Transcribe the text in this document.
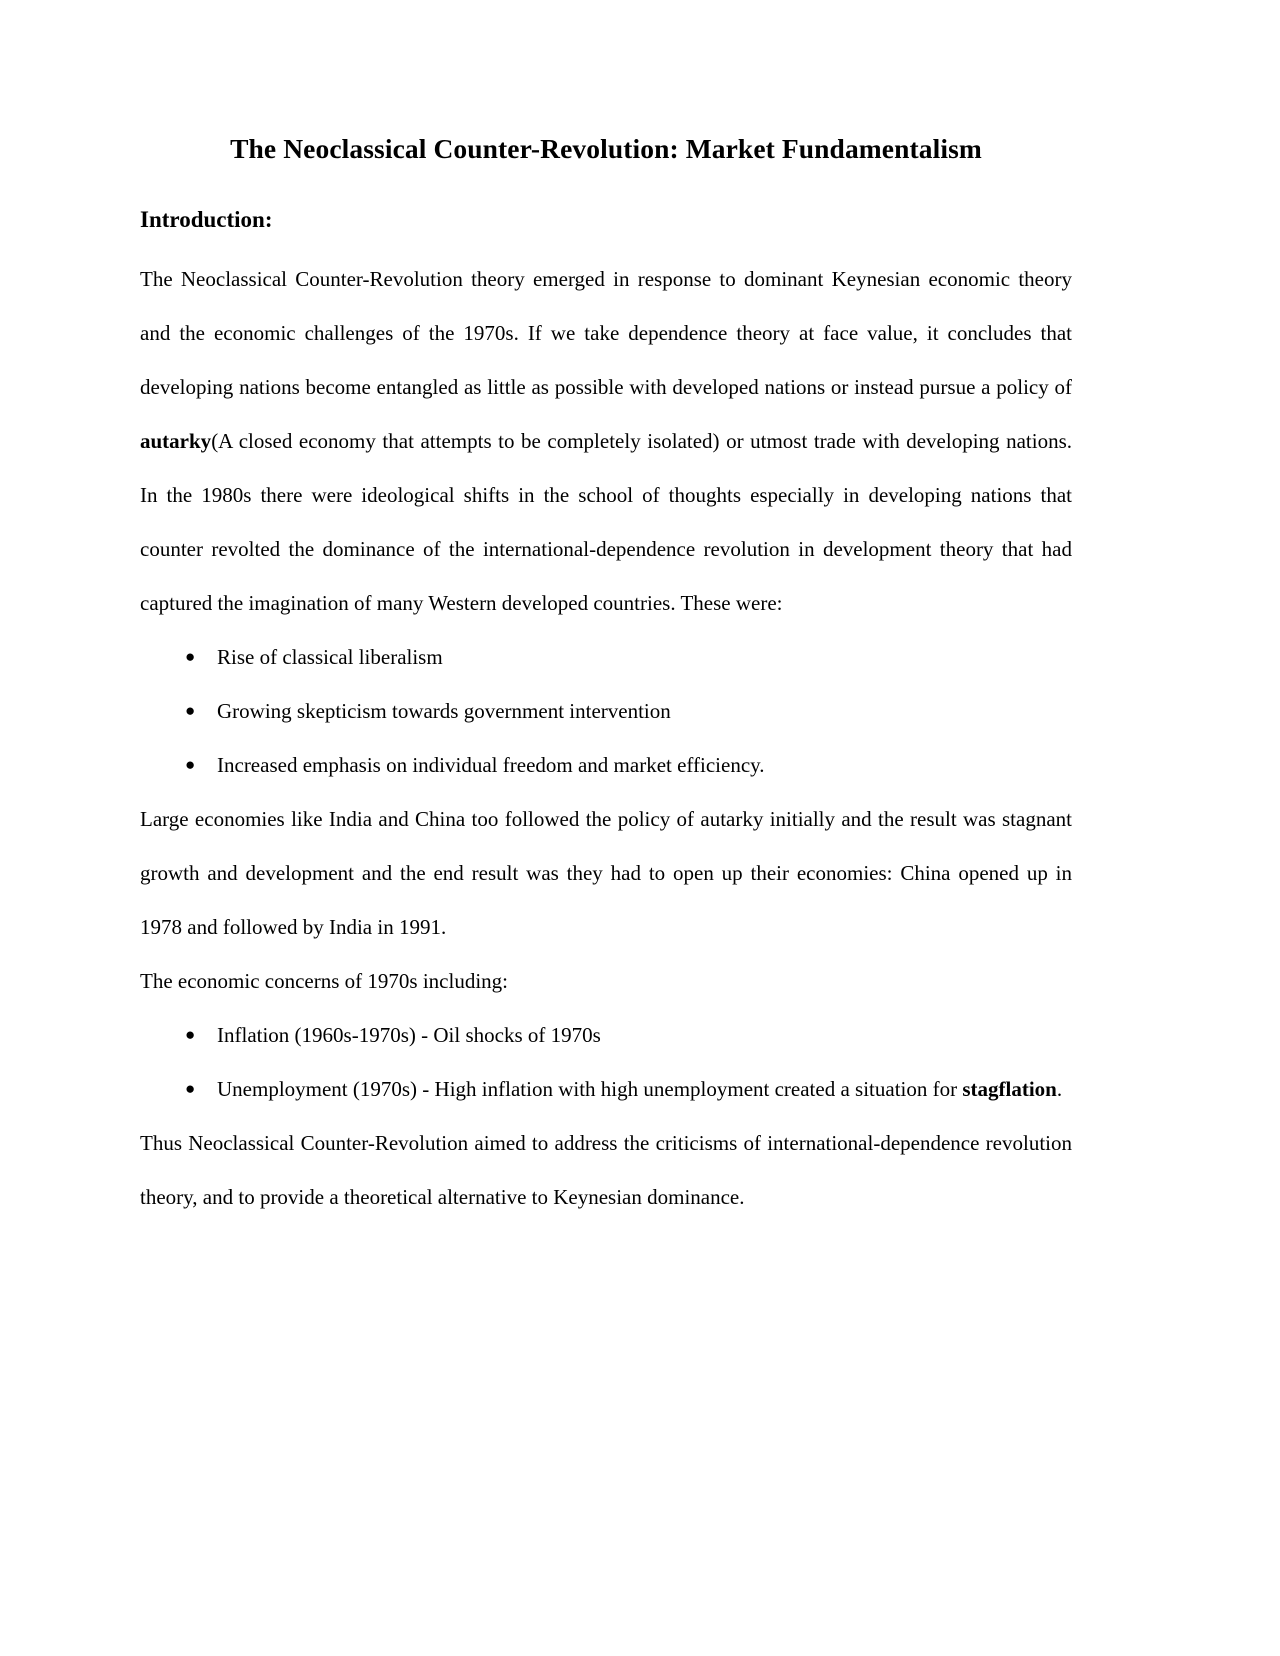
The Neoclassical Counter-Revolution: Market Fundamentalism
Introduction:

The Neoclassical Counter-Revolution theory emerged in response to dominant Keynesian economic theory and the economic challenges of the 1970s. If we take dependence theory at face value, it concludes that developing nations become entangled as little as possible with developed nations or instead pursue a policy of autarky(A closed economy that attempts to be completely isolated) or utmost trade with developing nations. In the 1980s there were ideological shifts in the school of thoughts especially in developing nations that counter revolted the dominance of the international-dependence revolution in development theory that had captured the imagination of many Western developed countries. These were:

● Rise of classical liberalism
● Growing skepticism towards government intervention
● Increased emphasis on individual freedom and market efficiency.

Large economies like India and China too followed the policy of autarky initially and the result was stagnant growth and development and the end result was they had to open up their economies: China opened up in 1978 and followed by India in 1991.

The economic concerns of 1970s including:

● Inflation (1960s-1970s) - Oil shocks of 1970s
● Unemployment (1970s) - High inflation with high unemployment created a situation for stagflation.

Thus Neoclassical Counter-Revolution aimed to address the criticisms of international-dependence revolution theory, and to provide a theoretical alternative to Keynesian dominance.
